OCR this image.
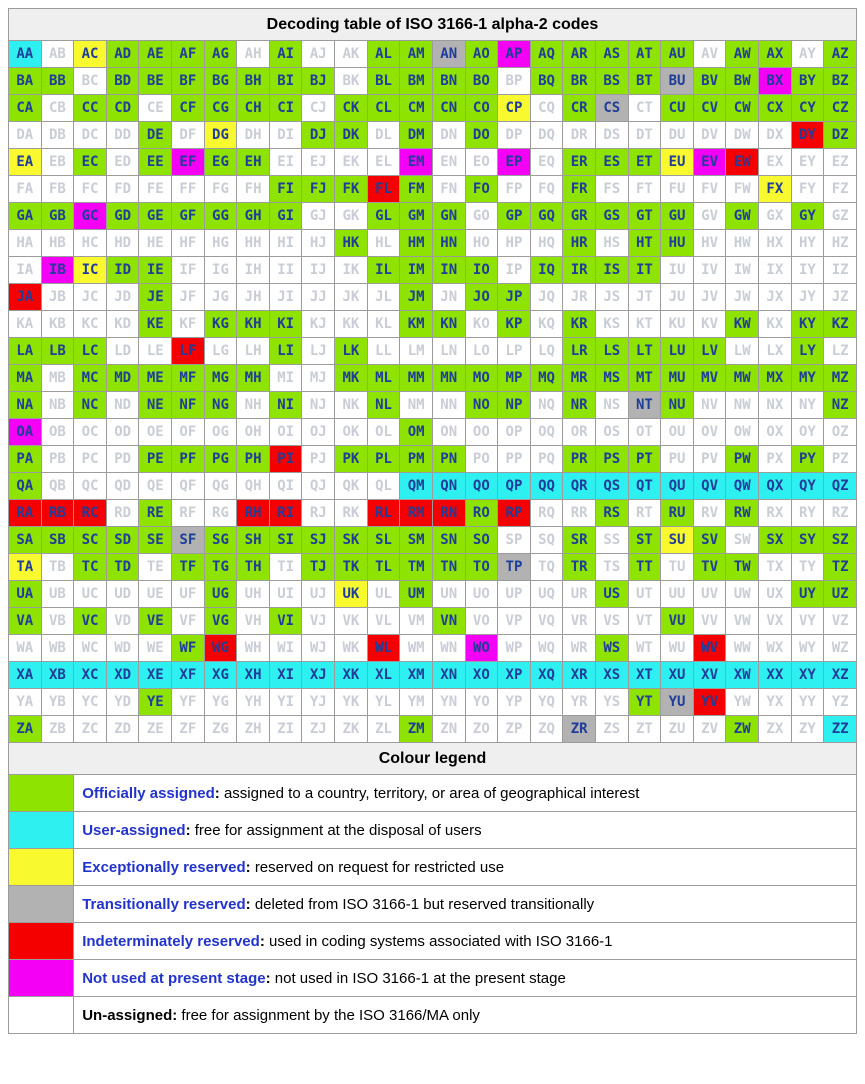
Decoding table of ISO 3166-1 alpha-2 codes																									
AA	AB	AC	AD	AE	AF	AG	AH	AI	AJ	AK	AL	AM	AN	AO	AP	AQ	AR	AS	AT	AU	AV	AW	AX	AY	AZ
BA	BB	BC	BD	BE	BF	BG	BH	BI	BJ	BK	BL	BM	BN	BO	BP	BQ	BR	BS	BT	BU	BV	BW	BX	BY	BZ
CA	CB	CC	CD	CE	CF	CG	CH	CI	CJ	CK	CL	CM	CN	CO	CP	CQ	CR	CS	CT	CU	CV	CW	CX	CY	CZ
DA	DB	DC	DD	DE	DF	DG	DH	DI	DJ	DK	DL	DM	DN	DO	DP	DQ	DR	DS	DT	DU	DV	DW	DX	DY	DZ
EA	EB	EC	ED	EE	EF	EG	EH	EI	EJ	EK	EL	EM	EN	EO	EP	EQ	ER	ES	ET	EU	EV	EW	EX	EY	EZ
FA	FB	FC	FD	FE	FF	FG	FH	FI	FJ	FK	FL	FM	FN	FO	FP	FQ	FR	FS	FT	FU	FV	FW	FX	FY	FZ
GA	GB	GC	GD	GE	GF	GG	GH	GI	GJ	GK	GL	GM	GN	GO	GP	GQ	GR	GS	GT	GU	GV	GW	GX	GY	GZ
HA	HB	HC	HD	HE	HF	HG	HH	HI	HJ	HK	HL	HM	HN	HO	HP	HQ	HR	HS	HT	HU	HV	HW	HX	HY	HZ
IA	IB	IC	ID	IE	IF	IG	IH	II	IJ	IK	IL	IM	IN	IO	IP	IQ	IR	IS	IT	IU	IV	IW	IX	IY	IZ
JA	JB	JC	JD	JE	JF	JG	JH	JI	JJ	JK	JL	JM	JN	JO	JP	JQ	JR	JS	JT	JU	JV	JW	JX	JY	JZ
KA	KB	KC	KD	KE	KF	KG	KH	KI	KJ	KK	KL	KM	KN	KO	KP	KQ	KR	KS	KT	KU	KV	KW	KX	KY	KZ
LA	LB	LC	LD	LE	LF	LG	LH	LI	LJ	LK	LL	LM	LN	LO	LP	LQ	LR	LS	LT	LU	LV	LW	LX	LY	LZ
MA	MB	MC	MD	ME	MF	MG	MH	MI	MJ	MK	ML	MM	MN	MO	MP	MQ	MR	MS	MT	MU	MV	MW	MX	MY	MZ
NA	NB	NC	ND	NE	NF	NG	NH	NI	NJ	NK	NL	NM	NN	NO	NP	NQ	NR	NS	NT	NU	NV	NW	NX	NY	NZ
OA	OB	OC	OD	OE	OF	OG	OH	OI	OJ	OK	OL	OM	ON	OO	OP	OQ	OR	OS	OT	OU	OV	OW	OX	OY	OZ
PA	PB	PC	PD	PE	PF	PG	PH	PI	PJ	PK	PL	PM	PN	PO	PP	PQ	PR	PS	PT	PU	PV	PW	PX	PY	PZ
QA	QB	QC	QD	QE	QF	QG	QH	QI	QJ	QK	QL	QM	QN	QO	QP	QQ	QR	QS	QT	QU	QV	QW	QX	QY	QZ
RA	RB	RC	RD	RE	RF	RG	RH	RI	RJ	RK	RL	RM	RN	RO	RP	RQ	RR	RS	RT	RU	RV	RW	RX	RY	RZ
SA	SB	SC	SD	SE	SF	SG	SH	SI	SJ	SK	SL	SM	SN	SO	SP	SQ	SR	SS	ST	SU	SV	SW	SX	SY	SZ
TA	TB	TC	TD	TE	TF	TG	TH	TI	TJ	TK	TL	TM	TN	TO	TP	TQ	TR	TS	TT	TU	TV	TW	TX	TY	TZ
UA	UB	UC	UD	UE	UF	UG	UH	UI	UJ	UK	UL	UM	UN	UO	UP	UQ	UR	US	UT	UU	UV	UW	UX	UY	UZ
VA	VB	VC	VD	VE	VF	VG	VH	VI	VJ	VK	VL	VM	VN	VO	VP	VQ	VR	VS	VT	VU	VV	VW	VX	VY	VZ
WA	WB	WC	WD	WE	WF	WG	WH	WI	WJ	WK	WL	WM	WN	WO	WP	WQ	WR	WS	WT	WU	WV	WW	WX	WY	WZ
XA	XB	XC	XD	XE	XF	XG	XH	XI	XJ	XK	XL	XM	XN	XO	XP	XQ	XR	XS	XT	XU	XV	XW	XX	XY	XZ
YA	YB	YC	YD	YE	YF	YG	YH	YI	YJ	YK	YL	YM	YN	YO	YP	YQ	YR	YS	YT	YU	YV	YW	YX	YY	YZ
ZA	ZB	ZC	ZD	ZE	ZF	ZG	ZH	ZI	ZJ	ZK	ZL	ZM	ZN	ZO	ZP	ZQ	ZR	ZS	ZT	ZU	ZV	ZW	ZX	ZY	ZZ
Colour legend																									
		Officially assigned: assigned to a country, territory, or area of geographical interest																							
		User-assigned: free for assignment at the disposal of users																							
		Exceptionally reserved: reserved on request for restricted use																							
		Transitionally reserved: deleted from ISO 3166-1 but reserved transitionally																							
		Indeterminately reserved: used in coding systems associated with ISO 3166-1																							
		Not used at present stage: not used in ISO 3166-1 at the present stage																							
		Un-assigned: free for assignment by the ISO 3166/MA only																							
